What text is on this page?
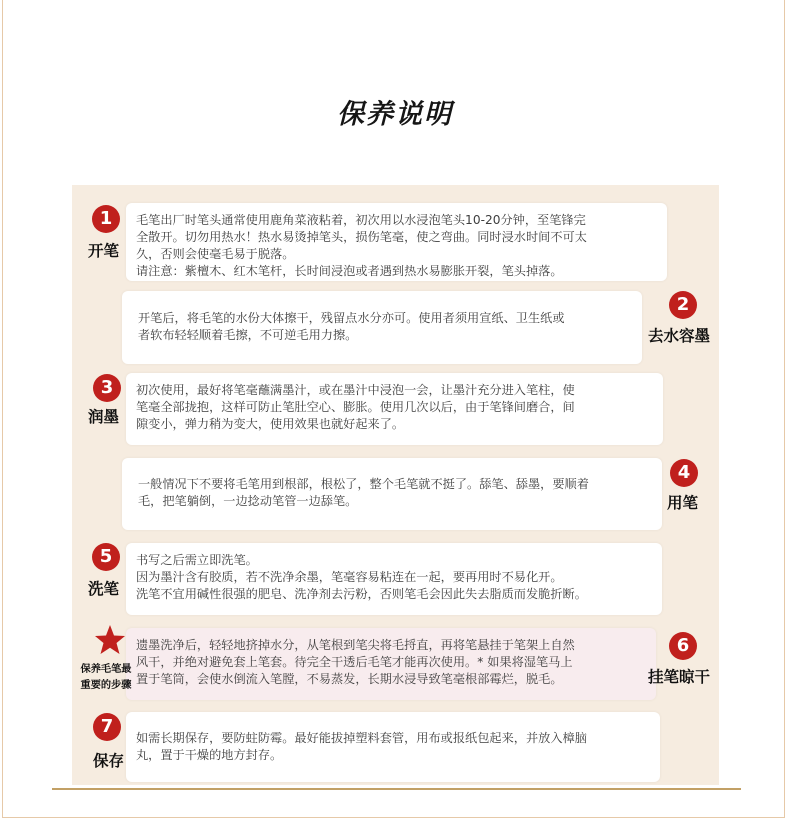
保养说明

毛笔出厂时笔头通常使用鹿角菜液粘着，初次用以水浸泡笔头10-20分钟，至笔锋完

全散开。切勿用热水！热水易烫掉笔头，损伤笔毫，使之弯曲。同时浸水时间不可太

久，否则会使毫毛易于脱落。

请注意：紫檀木、红木笔杆，长时间浸泡或者遇到热水易膨胀开裂，笔头掉落。

1
开笔

开笔后，将毛笔的水份大体擦干，残留点水分亦可。使用者须用宣纸、卫生纸或

者软布轻轻顺着毛擦，不可逆毛用力擦。

2
去水容墨

初次使用，最好将笔毫蘸满墨汁，或在墨汁中浸泡一会，让墨汁充分进入笔柱，使

笔毫全部拢抱，这样可防止笔肚空心、膨胀。使用几次以后，由于笔锋间磨合，间

隙变小，弹力稍为变大，使用效果也就好起来了。

3
润墨

一般情况下不要将毛笔用到根部，根松了，整个毛笔就不挺了。舔笔、舔墨，要顺着

毛，把笔躺倒，一边捻动笔管一边舔笔。

4
用笔

书写之后需立即洗笔。

因为墨汁含有胶质，若不洗净余墨，笔毫容易粘连在一起，要再用时不易化开。

洗笔不宜用碱性很强的肥皂、洗净剂去污粉，否则笔毛会因此失去脂质而发脆折断。

5
洗笔

遗墨洗净后，轻轻地挤掉水分，从笔根到笔尖将毛捋直，再将笔悬挂于笔架上自然

风干，并绝对避免套上笔套。待完全干透后毛笔才能再次使用。* 如果将湿笔马上

置于笔筒，会使水倒流入笔膛，不易蒸发，长期水浸导致笔毫根部霉烂，脱毛。

保养毛笔最
重要的步骤
6
挂笔晾干

如需长期保存，要防蛀防霉。最好能拔掉塑料套管，用布或报纸包起来，并放入樟脑

丸，置于干燥的地方封存。

7
保存
